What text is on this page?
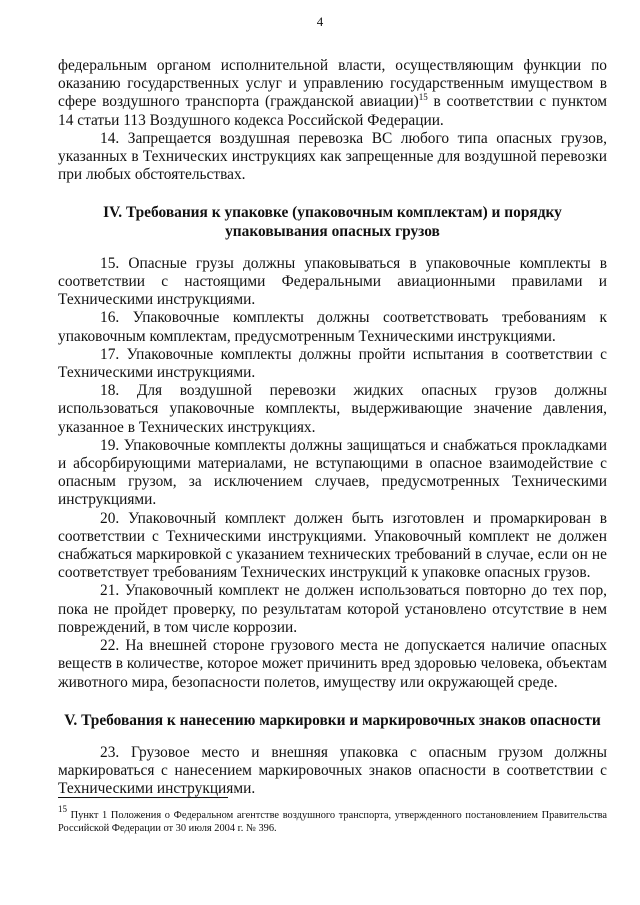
4

федеральным органом исполнительной власти, осуществляющим функции по оказанию государственных услуг и управлению государственным имуществом в сфере воздушного транспорта (гражданской авиации)$^{15}$ в соответствии с пунктом 14 статьи 113 Воздушного кодекса Российской Федерации.

14. Запрещается воздушная перевозка ВС любого типа опасных грузов, указанных в Технических инструкциях как запрещенные для воздушной перевозки при любых обстоятельствах.

IV. Требования к упаковке (упаковочным комплектам) и порядку упаковывания опасных грузов

15. Опасные грузы должны упаковываться в упаковочные комплекты в соответствии с настоящими Федеральными авиационными правилами и Техническими инструкциями.

16. Упаковочные комплекты должны соответствовать требованиям к упаковочным комплектам, предусмотренным Техническими инструкциями.

17. Упаковочные комплекты должны пройти испытания в соответствии с Техническими инструкциями.

18. Для воздушной перевозки жидких опасных грузов должны использоваться упаковочные комплекты, выдерживающие значение давления, указанное в Технических инструкциях.

19. Упаковочные комплекты должны защищаться и снабжаться прокладками и абсорбирующими материалами, не вступающими в опасное взаимодействие с опасным грузом, за исключением случаев, предусмотренных Техническими инструкциями.

20. Упаковочный комплект должен быть изготовлен и промаркирован в соответствии с Техническими инструкциями. Упаковочный комплект не должен снабжаться маркировкой с указанием технических требований в случае, если он не соответствует требованиям Технических инструкций к упаковке опасных грузов.

21. Упаковочный комплект не должен использоваться повторно до тех пор, пока не пройдет проверку, по результатам которой установлено отсутствие в нем повреждений, в том числе коррозии.

22. На внешней стороне грузового места не допускается наличие опасных веществ в количестве, которое может причинить вред здоровью человека, объектам животного мира, безопасности полетов, имуществу или окружающей среде.

V. Требования к нанесению маркировки и маркировочных знаков опасности

23. Грузовое место и внешняя упаковка с опасным грузом должны маркироваться с нанесением маркировочных знаков опасности в соответствии с Техническими инструкциями.

$^{15}$ Пункт 1 Положения о Федеральном агентстве воздушного транспорта, утвержденного постановлением Правительства Российской Федерации от 30 июля 2004 г. № 396.
